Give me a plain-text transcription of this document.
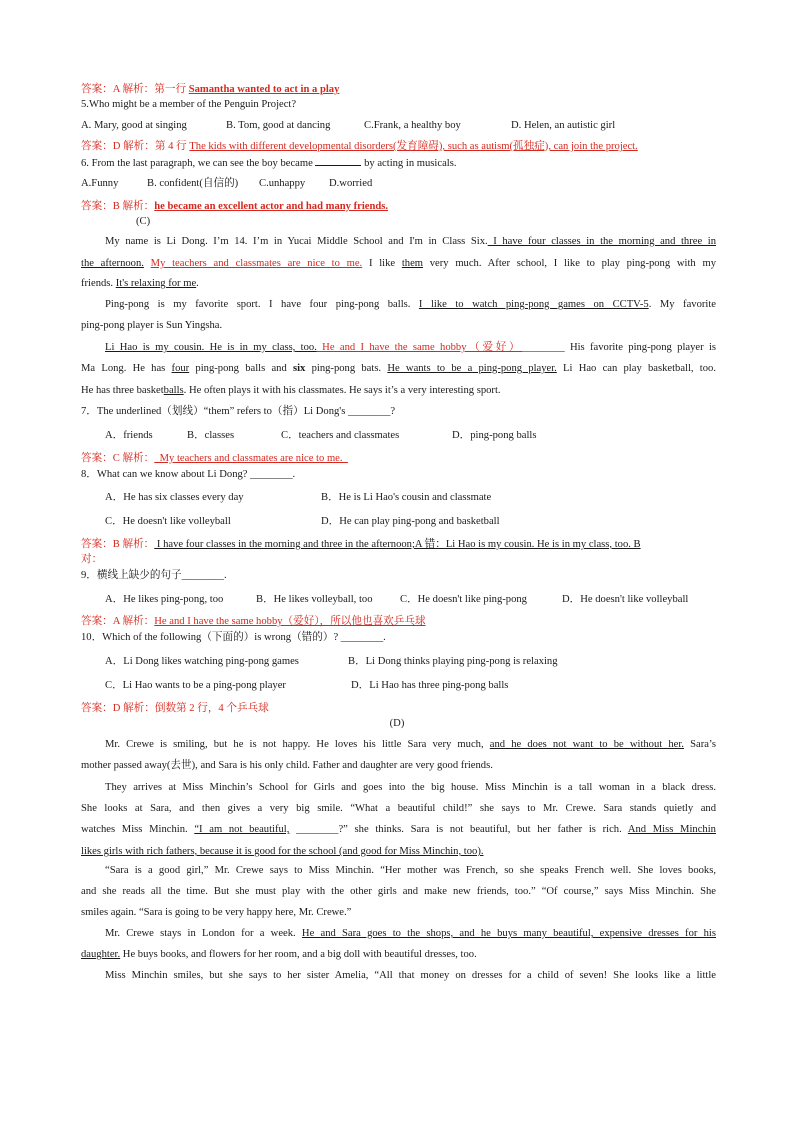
答案：A 解析：第一行 Samantha wanted to act in a play
5.Who might be a member of the Penguin Project?
A. Mary, good at singing	B. Tom, good at dancing	C.Frank, a healthy boy	D. Helen, an autistic girl
答案：D 解析：第 4 行 The kids with different developmental disorders(发育障碍), such as autism(孤独症), can join the project.
6. From the last paragraph, we can see the boy became	by acting in musicals.
A.Funny	B. confident(自信的) C.unhappy D.worried
答案：B 解析：he became an excellent actor and had many friends.
(C)
My name is Li Dong. I’m 14. I’m in Yucai Middle School and I'm in Class Six. I have four classes in the morning and three in
the afternoon. My teachers and classmates are nice to me. I like them very much. After school, I like to play ping-pong with my
friends. It's relaxing for me.
Ping-pong is my favorite sport. I have four ping-pong balls. I like to watch ping-pong games on CCTV-5. My favorite
ping-pong player is Sun Yingsha.
Li Hao is my cousin. He is in my class, too. He and I have the same hobby（爱好）________ His favorite ping-pong player is
Ma Long. He has four ping-pong balls and six ping-pong bats. He wants to be a ping-pong player. Li Hao can play basketball, too.
He has three basketballs. He often plays it with his classmates. He says it’s a very interesting sport.
7．The underlined（划线）“them” refers to（指）Li Dong's ________?
A．friends	B．classes	C．teachers and classmates	D．ping-pong balls
答案：C 解析：  My teachers and classmates are nice to me.
8．What can we know about Li Dong? ________.
A．He has six classes every day	B．He is Li Hao's cousin and classmate
C．He doesn't like volleyball	D．He can play ping-pong and basketball
答案：B 解析： I have four classes in the morning and three in the afternoon;A 错：Li Hao is my cousin. He is in my class, too. B
对：
9．横线上缺少的句子________.
A．He likes ping-pong, too	B．He likes volleyball, too	C．He doesn't like ping-pong	D．He doesn't like volleyball
答案：A 解析：He and I have the same hobby（爱好），所以他也喜欢乒乓球
10．Which of the following（下面的）is wrong（错的）? ________.
A．Li Dong likes watching ping-pong games	B．Li Dong thinks playing ping-pong is relaxing
C．Li Hao wants to be a ping-pong player	D．Li Hao has three ping-pong balls
答案：D 解析：倒数第 2 行，4 个乒乓球
(D)
Mr. Crewe is smiling, but he is not happy. He loves his little Sara very much, and he does not want to be without her. Sara’s
mother passed away(去世), and Sara is his only child. Father and daughter are very good friends.
They arrives at Miss Minchin’s School for Girls and goes into the big house. Miss Minchin is a tall woman in a black dress.
She looks at Sara, and then gives a very big smile. “What a beautiful child!” she says to Mr. Crewe. Sara stands quietly and
watches Miss Minchin. “I am not beautiful, ________?” she thinks. Sara is not beautiful, but her father is rich. And Miss Minchin
likes girls with rich fathers, because it is good for the school (and good for Miss Minchin, too).
“Sara is a good girl,” Mr. Crewe says to Miss Minchin. “Her mother was French, so she speaks French well. She loves books,
and she reads all the time. But she must play with the other girls and make new friends, too.” “Of course,” says Miss Minchin. She
smiles again. “Sara is going to be very happy here, Mr. Crewe.”
Mr. Crewe stays in London for a week. He and Sara goes to the shops, and he buys many beautiful, expensive dresses for his
daughter. He buys books, and flowers for her room, and a big doll with beautiful dresses, too.
Miss Minchin smiles, but she says to her sister Amelia, “All that money on dresses for a child of seven! She looks like a little
